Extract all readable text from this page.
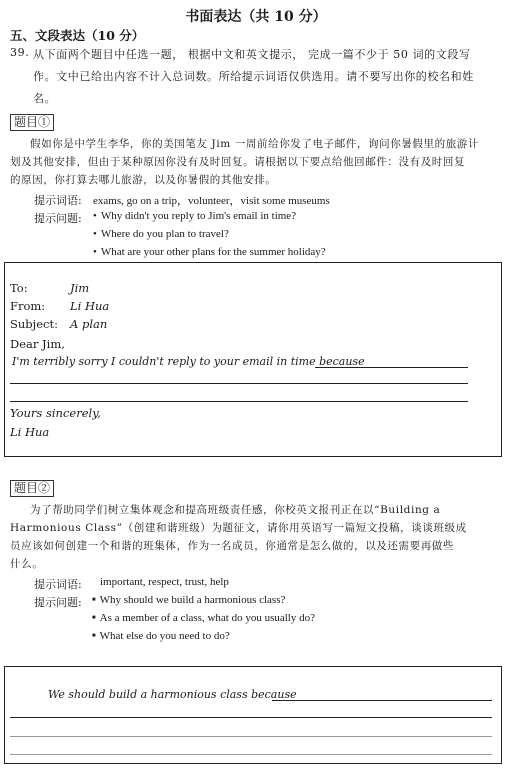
书面表达（共 10 分）
五、文段表达（10 分）
39. 从下面两个题目中任选一题， 根据中文和英文提示， 完成一篇不少于 50 词的文段写
作。文中已给出内容不计入总词数。所给提示词语仅供选用。请不要写出你的校名和姓
名。
题目①
假如你是中学生李华，你的美国笔友 Jim 一周前给你发了电子邮件，询问你暑假里的旅游计
划及其他安排，但由于某种原因你没有及时回复。请根据以下要点给他回邮件：没有及时回复
的原因，你打算去哪儿旅游，以及你暑假的其他安排。
提示词语: exams, go on a trip，volunteer，visit some museums
提示问题:	• Why didn't you reply to Jim's email in time?
• Where do you plan to travel?
• What are your other plans for the summer holiday?
To:	Jim
From: Li Hua
Subject: A plan
Dear Jim,
I'm terribly sorry I couldn't reply to your email in time because
Yours sincerely,
Li Hua
题目②
为了帮助同学们树立集体观念和提高班级责任感，你校英文报刊正在以“Building a
Harmonious Class”（创建和谐班级）为题征文，请你用英语写一篇短文投稿，谈谈班级成
员应该如何创建一个和谐的班集体，作为一名成员，你通常是怎么做的，以及还需要再做些
什么。
提示词语: important, respect, trust, help
提示问题:	■ Why should we build a harmonious class?
■ As a member of a class, what do you usually do?
■ What else do you need to do?
We should build a harmonious class because
